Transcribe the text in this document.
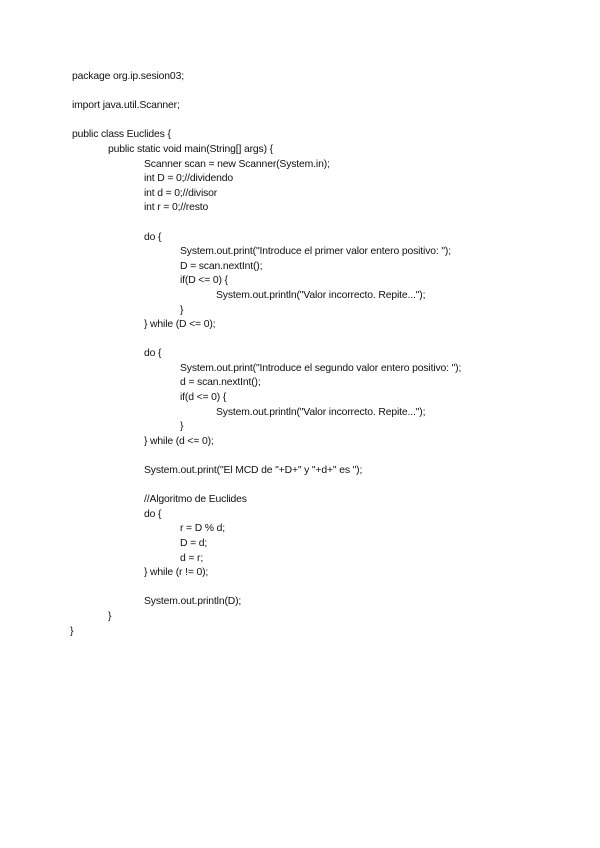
package org.ip.sesion03;
import java.util.Scanner;
public class Euclides {
public static void main(String[] args) {
Scanner scan = new Scanner(System.in);
int D = 0;//dividendo
int d = 0;//divisor
int r = 0;//resto
do {
System.out.print("Introduce el primer valor entero positivo: ");
D = scan.nextInt();
if(D <= 0) {
System.out.println("Valor incorrecto. Repite...");
}
} while (D <= 0);
do {
System.out.print("Introduce el segundo valor entero positivo: ");
d = scan.nextInt();
if(d <= 0) {
System.out.println("Valor incorrecto. Repite...");
}
} while (d <= 0);
System.out.print("El MCD de "+D+" y "+d+" es ");
//Algoritmo de Euclides
do {
r = D % d;
D = d;
d = r;
} while (r != 0);
System.out.println(D);
}
}
